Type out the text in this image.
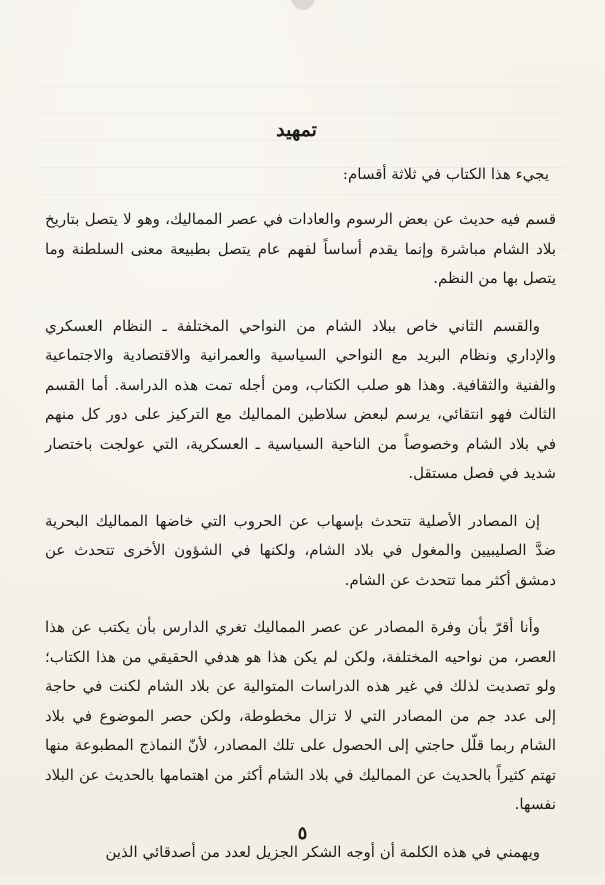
تمهيد

يجيء هذا الكتاب في ثلاثة أقسام:

قسم فيه حديث عن بعض الرسوم والعادات في عصر المماليك، وهو لا يتصل بتاريخ بلاد الشام مباشرة وإنما يقدم أساساً لفهم عام يتصل بطبيعة معنى السلطنة وما يتصل بها من النظم.

والقسم الثاني خاص ببلاد الشام من النواحي المختلفة ـ النظام العسكري والإداري ونظام البريد مع النواحي السياسية والعمرانية والاقتصادية والاجتماعية والفنية والثقافية. وهذا هو صلب الكتاب، ومن أجله تمت هذه الدراسة. أما القسم الثالث فهو انتقائي، يرسم لبعض سلاطين المماليك مع التركيز على دور كل منهم في بلاد الشام وخصوصاً من الناحية السياسية ـ العسكرية، التي عولجت باختصار شديد في فصل مستقل.

إن المصادر الأصلية تتحدث بإسهاب عن الحروب التي خاضها المماليك البحرية ضدَّ الصليبيين والمغول في بلاد الشام، ولكنها في الشؤون الأخرى تتحدث عن دمشق أكثر مما تتحدث عن الشام.

وأنا أقرّ بأن وفرة المصادر عن عصر المماليك تغري الدارس بأن يكتب عن هذا العصر، من نواحيه المختلفة، ولكن لم يكن هذا هو هدفي الحقيقي من هذا الكتاب؛ ولو تصديت لذلك في غير هذه الدراسات المتوالية عن بلاد الشام لكنت في حاجة إلى عدد جم من المصادر التي لا تزال مخطوطة، ولكن حصر الموضوع في بلاد الشام ربما قلّل حاجتي إلى الحصول على تلك المصادر، لأنّ النماذج المطبوعة منها تهتم كثيراً بالحديث عن المماليك في بلاد الشام أكثر من اهتمامها بالحديث عن البلاد نفسها.

ويهمني في هذه الكلمة أن أوجه الشكر الجزيل لعدد من أصدقائي الذين

٥
